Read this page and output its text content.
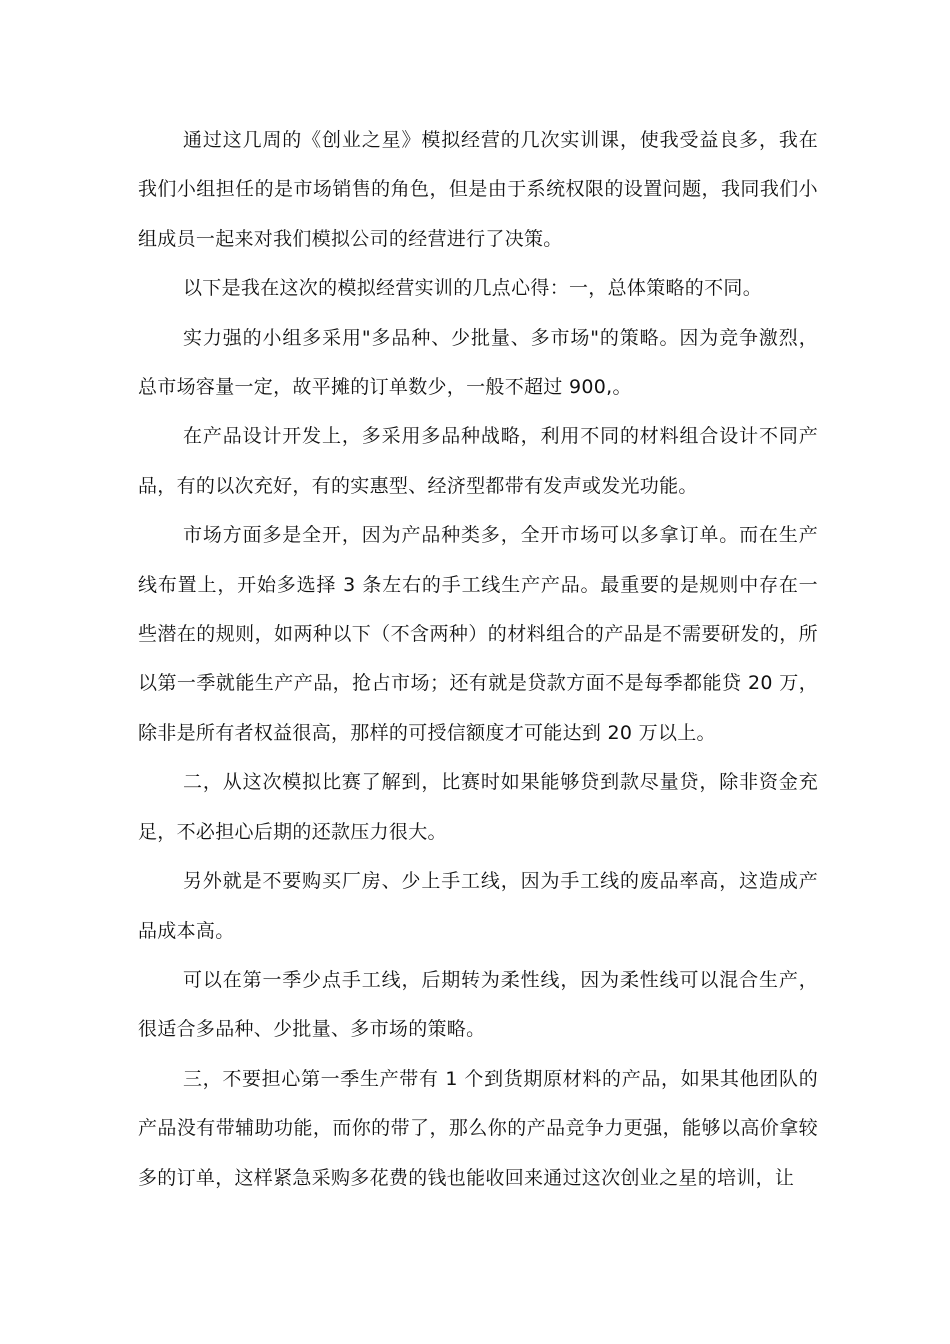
通过这几周的《创业之星》模拟经营的几次实训课，使我受益良多，我在我们小组担任的是市场销售的角色，但是由于系统权限的设置问题，我同我们小组成员一起来对我们模拟公司的经营进行了决策。

以下是我在这次的模拟经营实训的几点心得：一，总体策略的不同。

实力强的小组多采用"多品种、少批量、多市场"的策略。因为竞争激烈，总市场容量一定，故平摊的订单数少，一般不超过 900,。

在产品设计开发上，多采用多品种战略，利用不同的材料组合设计不同产品，有的以次充好，有的实惠型、经济型都带有发声或发光功能。

市场方面多是全开，因为产品种类多，全开市场可以多拿订单。而在生产线布置上，开始多选择 3 条左右的手工线生产产品。最重要的是规则中存在一些潜在的规则，如两种以下（不含两种）的材料组合的产品是不需要研发的，所以第一季就能生产产品，抢占市场；还有就是贷款方面不是每季都能贷 20 万，除非是所有者权益很高，那样的可授信额度才可能达到 20 万以上。

二，从这次模拟比赛了解到，比赛时如果能够贷到款尽量贷，除非资金充足，不必担心后期的还款压力很大。

另外就是不要购买厂房、少上手工线，因为手工线的废品率高，这造成产品成本高。

可以在第一季少点手工线，后期转为柔性线，因为柔性线可以混合生产，很适合多品种、少批量、多市场的策略。

三，不要担心第一季生产带有 1 个到货期原材料的产品，如果其他团队的产品没有带辅助功能，而你的带了，那么你的产品竞争力更强，能够以高价拿较多的订单，这样紧急采购多花费的钱也能收回来通过这次创业之星的培训，让
